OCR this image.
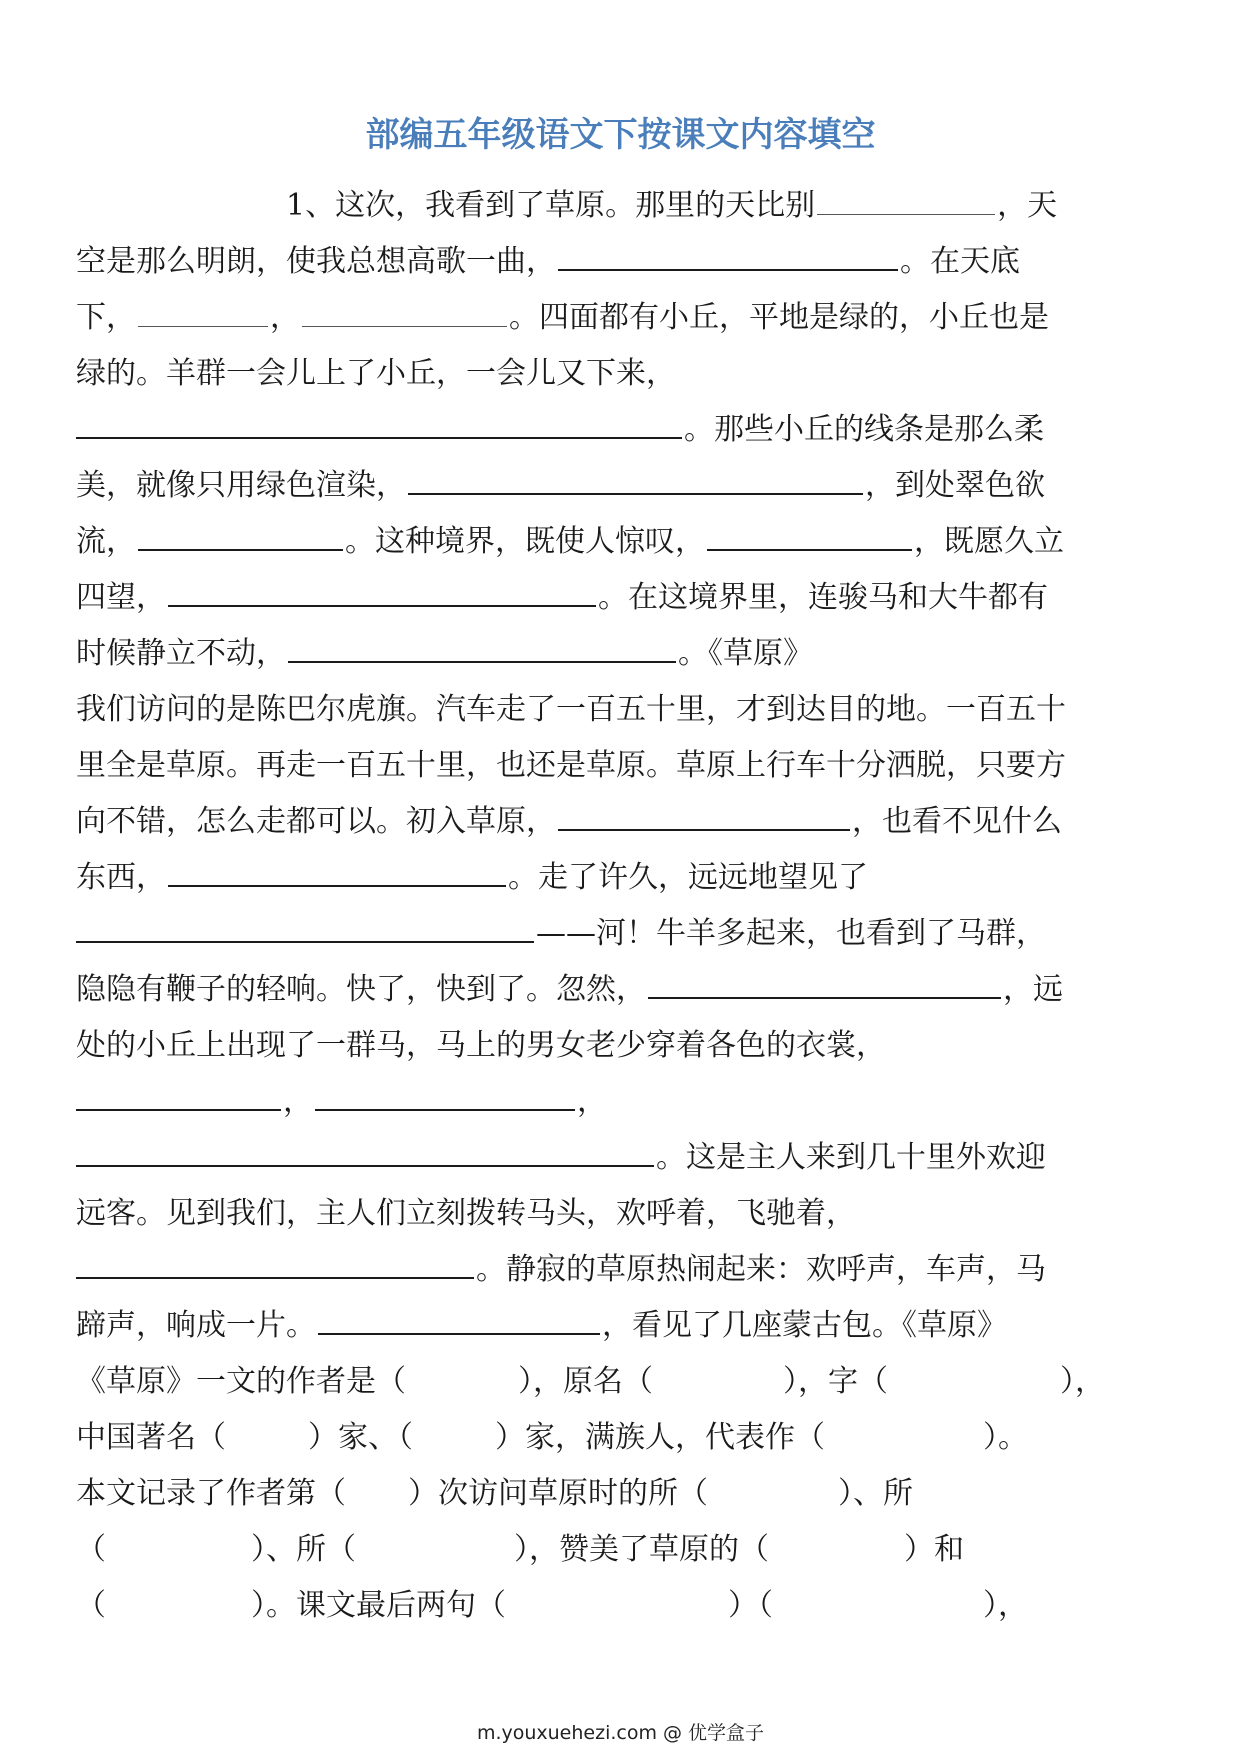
部编五年级语文下按课文内容填空
1、这次，我看到了草原。那里的天比别	，天
空是那么明朗，使我总想高歌一曲，	。在天底
下，	，	。四面都有小丘，平地是绿的，小丘也是
绿的。羊群一会儿上了小丘，一会儿又下来，
。那些小丘的线条是那么柔
美，就像只用绿色渲染，	，到处翠色欲
流，	。这种境界，既使人惊叹，	，既愿久立
四望，	。在这境界里，连骏马和大牛都有
时候静立不动，	。《草原》
我们访问的是陈巴尔虎旗。汽车走了一百五十里，才到达目的地。一百五十
里全是草原。再走一百五十里，也还是草原。草原上行车十分洒脱，只要方
向不错，怎么走都可以。初入草原，	，也看不见什么
东西，	。走了许久，远远地望见了
——河！牛羊多起来，也看到了马群，
隐隐有鞭子的轻响。快了，快到了。忽然，	，远
处的小丘上出现了一群马，马上的男女老少穿着各色的衣裳，
，	，
。这是主人来到几十里外欢迎
远客。见到我们，主人们立刻拨转马头，欢呼着，飞驰着，
。静寂的草原热闹起来：欢呼声，车声，马
蹄声，响成一片。	，看见了几座蒙古包。《草原》
《草原》一文的作者是（	），原名（	），字（	），
中国著名（	）家、（	）家，满族人，代表作（	）。
本文记录了作者第（ ）次访问草原时的所（	）、所
（	）、所（	），赞美了草原的（	）和
（	）。课文最后两句（	）（	），
m.youxuehezi.com @ 优学盒子
